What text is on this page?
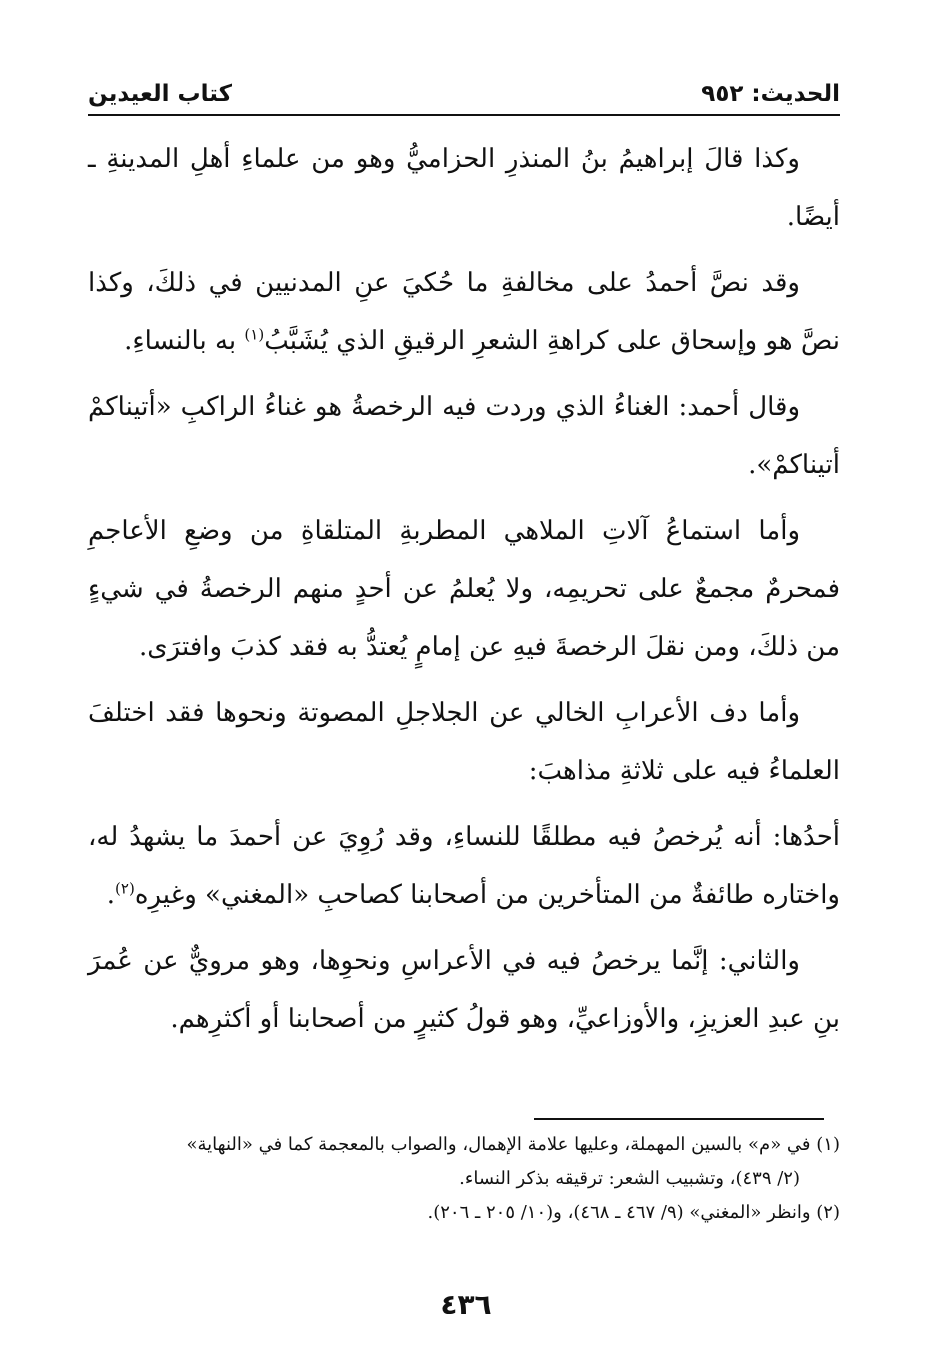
الحديث: ٩٥٢
كتاب العيدين

وكذا قالَ إبراهيمُ بنُ المنذرِ الحزاميُّ وهو من علماءِ أهلِ المدينةِ ـ أيضًا.

وقد نصَّ أحمدُ على مخالفةِ ما حُكيَ عنِ المدنيين في ذلكَ، وكذا نصَّ هو وإسحاق على كراهةِ الشعرِ الرقيقِ الذي يُشَبَّبُ$^{(١)}$ به بالنساءِ.

وقال أحمد: الغناءُ الذي وردت فيه الرخصةُ هو غناءُ الراكبِ «أتيناكمْ أتيناكمْ».

وأما استماعُ آلاتِ الملاهي المطربةِ المتلقاةِ من وضعِ الأعاجمِ فمحرمٌ مجمعٌ على تحريمِه، ولا يُعلمُ عن أحدٍ منهم الرخصةُ في شيءٍ من ذلكَ، ومن نقلَ الرخصةَ فيهِ عن إمامٍ يُعتدُّ به فقد كذبَ وافترَى.

وأما دف الأعرابِ الخالي عن الجلاجلِ المصوتة ونحوها فقد اختلفَ العلماءُ فيه على ثلاثةِ مذاهبَ:

أحدُها: أنه يُرخصُ فيه مطلقًا للنساءِ، وقد رُوِيَ عن أحمدَ ما يشهدُ له، واختاره طائفةٌ من المتأخرين من أصحابنا كصاحبِ «المغني» وغيرِه$^{(٢)}$.

والثاني: إنَّما يرخصُ فيه في الأعراسِ ونحوِها، وهو مرويٌّ عن عُمرَ بنِ عبدِ العزيزِ، والأوزاعيِّ، وهو قولُ كثيرٍ من أصحابنا أو أكثرِهم.

(١) في «م» بالسين المهملة، وعليها علامة الإهمال، والصواب بالمعجمة كما في «النهاية»

(٢/ ٤٣٩)، وتشبيب الشعر: ترقيقه بذكر النساء.

(٢) وانظر «المغني» (٩/ ٤٦٧ ـ ٤٦٨)، و(١٠/ ٢٠٥ ـ ٢٠٦).

٤٣٦
